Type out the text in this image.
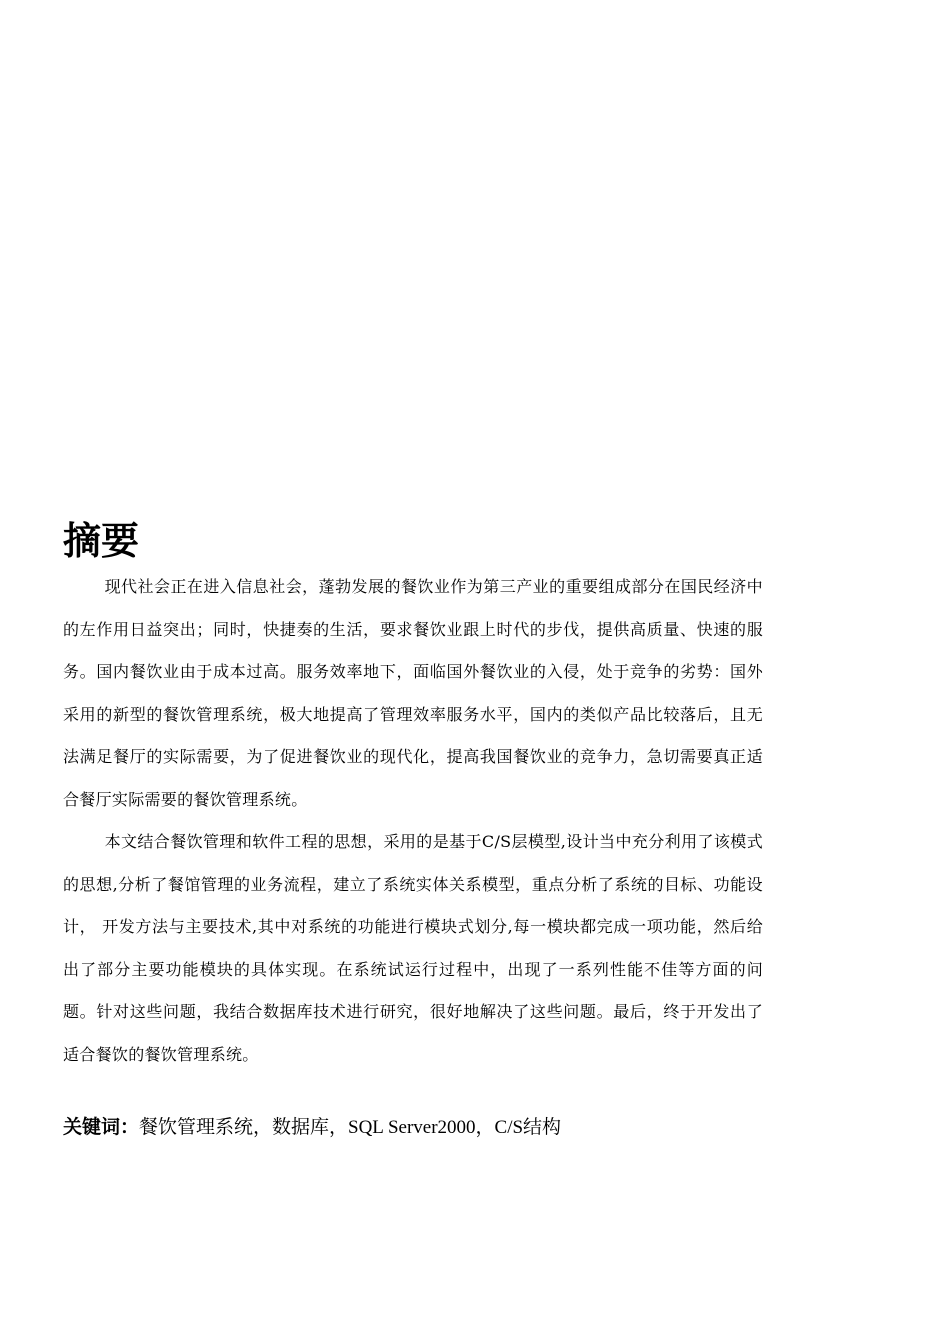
摘要

现代社会正在进入信息社会，蓬勃发展的餐饮业作为第三产业的重要组成部分在国民经济中的左作用日益突出；同时，快捷奏的生活，要求餐饮业跟上时代的步伐，提供高质量、快速的服务。国内餐饮业由于成本过高。服务效率地下，面临国外餐饮业的入侵，处于竞争的劣势：国外采用的新型的餐饮管理系统，极大地提高了管理效率服务水平，国内的类似产品比较落后，且无法满足餐厅的实际需要，为了促进餐饮业的现代化，提高我国餐饮业的竞争力，急切需要真正适合餐厅实际需要的餐饮管理系统。

本文结合餐饮管理和软件工程的思想，采用的是基于C/S层模型,设计当中充分利用了该模式的思想,分析了餐馆管理的业务流程，建立了系统实体关系模型，重点分析了系统的目标、功能设计， 开发方法与主要技术,其中对系统的功能进行模块式划分,每一模块都完成一项功能，然后给出了部分主要功能模块的具体实现。在系统试运行过程中，出现了一系列性能不佳等方面的问题。针对这些问题，我结合数据库技术进行研究，很好地解决了这些问题。最后，终于开发出了适合餐饮的餐饮管理系统。

关键词：餐饮管理系统，数据库，SQL Server2000，C/S结构
